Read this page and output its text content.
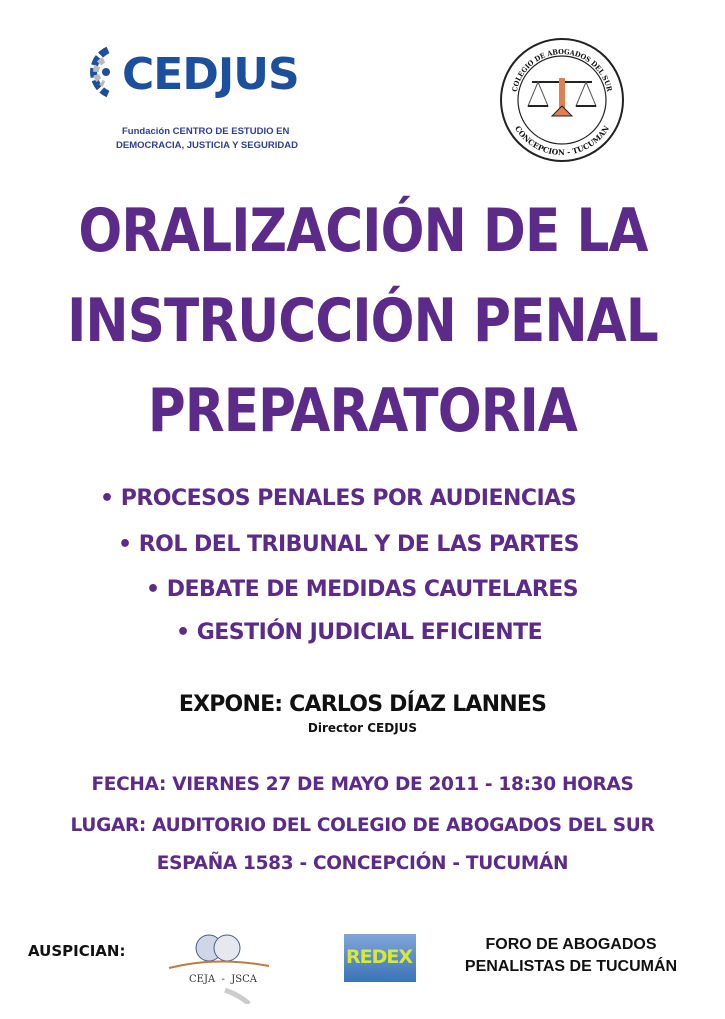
CEDJUS
Fundación CENTRO DE ESTUDIO EN
DEMOCRACIA, JUSTICIA Y SEGURIDAD
COLEGIO DE ABOGADOS DEL SUR
CONCEPCION - TUCUMAN
ORALIZACIÓN DE LA
INSTRUCCIÓN PENAL
PREPARATORIA
• PROCESOS PENALES POR AUDIENCIAS
• ROL DEL TRIBUNAL Y DE LAS PARTES
• DEBATE DE MEDIDAS CAUTELARES
• GESTIÓN JUDICIAL EFICIENTE
EXPONE: CARLOS DÍAZ LANNES
Director CEDJUS
FECHA: VIERNES 27 DE MAYO DE 2011 - 18:30 HORAS
LUGAR: AUDITORIO DEL COLEGIO DE ABOGADOS DEL SUR
ESPAÑA 1583 - CONCEPCIÓN - TUCUMÁN
AUSPICIAN:
CEJA  -  JSCA
REDEX
FORO DE ABOGADOS
PENALISTAS DE TUCUMÁN
